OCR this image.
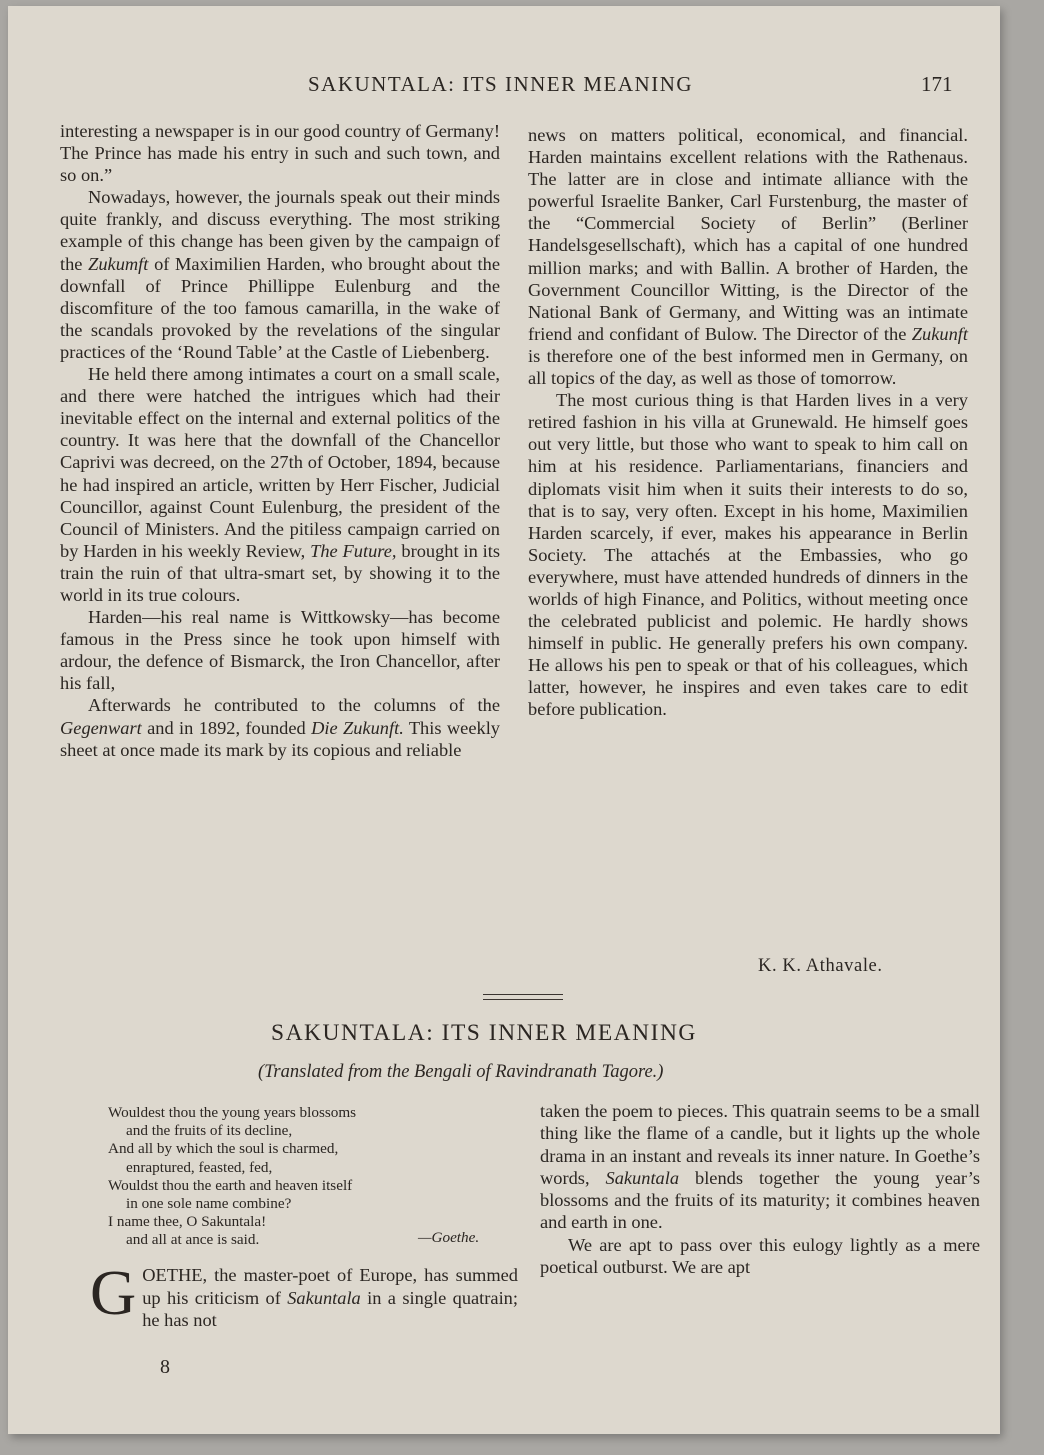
SAKUNTALA: ITS INNER MEANING	171

interesting a newspaper is in our good country of Germany! The Prince has made his entry in such and such town, and so on.”

Nowadays, however, the journals speak out their minds quite frankly, and discuss everything. The most striking example of this change has been given by the campaign of the Zukumft of Maximilien Harden, who brought about the downfall of Prince Phillippe Eulenburg and the discomfiture of the too famous camarilla, in the wake of the scandals provoked by the revelations of the singular practices of the ‘Round Table’ at the Castle of Liebenberg.

He held there among intimates a court on a small scale, and there were hatched the intrigues which had their inevitable effect on the internal and external politics of the country. It was here that the downfall of the Chancellor Caprivi was decreed, on the 27th of October, 1894, because he had inspired an article, written by Herr Fischer, Judicial Councillor, against Count Eulenburg, the president of the Council of Ministers. And the pitiless campaign carried on by Harden in his weekly Review, The Future, brought in its train the ruin of that ultra-smart set, by showing it to the world in its true colours.

Harden—his real name is Wittkowsky—has become famous in the Press since he took upon himself with ardour, the defence of Bismarck, the Iron Chancellor, after his fall,

Afterwards he contributed to the columns of the Gegenwart and in 1892, founded Die Zukunft. This weekly sheet at once made its mark by its copious and reliable

news on matters political, economical, and financial. Harden maintains excellent relations with the Rathenaus. The latter are in close and intimate alliance with the powerful Israelite Banker, Carl Furstenburg, the master of the “Commercial Society of Berlin” (Berliner Handelsgesellschaft), which has a capital of one hundred million marks; and with Ballin. A brother of Harden, the Government Councillor Witting, is the Director of the National Bank of Germany, and Witting was an intimate friend and confidant of Bulow. The Director of the Zukunft is therefore one of the best informed men in Germany, on all topics of the day, as well as those of tomorrow.

The most curious thing is that Harden lives in a very retired fashion in his villa at Grunewald. He himself goes out very little, but those who want to speak to him call on him at his residence. Parliamentarians, financiers and diplomats visit him when it suits their interests to do so, that is to say, very often. Except in his home, Maximilien Harden scarcely, if ever, makes his appearance in Berlin Society. The attachés at the Embassies, who go everywhere, must have attended hundreds of dinners in the worlds of high Finance, and Politics, without meeting once the celebrated publicist and polemic. He hardly shows himself in public. He generally prefers his own company. He allows his pen to speak or that of his colleagues, which latter, however, he inspires and even takes care to edit before publication.

K. K. Athavale.
SAKUNTALA: ITS INNER MEANING
(Translated from the Bengali of Ravindranath Tagore.)
Wouldest thou the young years blossoms
and the fruits of its decline,
And all by which the soul is charmed,
enraptured, feasted, fed,
Wouldst thou the earth and heaven itself
in one sole name combine?
I name thee, O Sakuntala!
and all at ance is said.	—Goethe.

GOETHE, the master-poet of Europe, has summed up his criticism of Sakuntala in a single quatrain; he has not

taken the poem to pieces. This quatrain seems to be a small thing like the flame of a candle, but it lights up the whole drama in an instant and reveals its inner nature. In Goethe’s words, Sakuntala blends together the young year’s blossoms and the fruits of its maturity; it combines heaven and earth in one.

We are apt to pass over this eulogy lightly as a mere poetical outburst. We are apt

8
